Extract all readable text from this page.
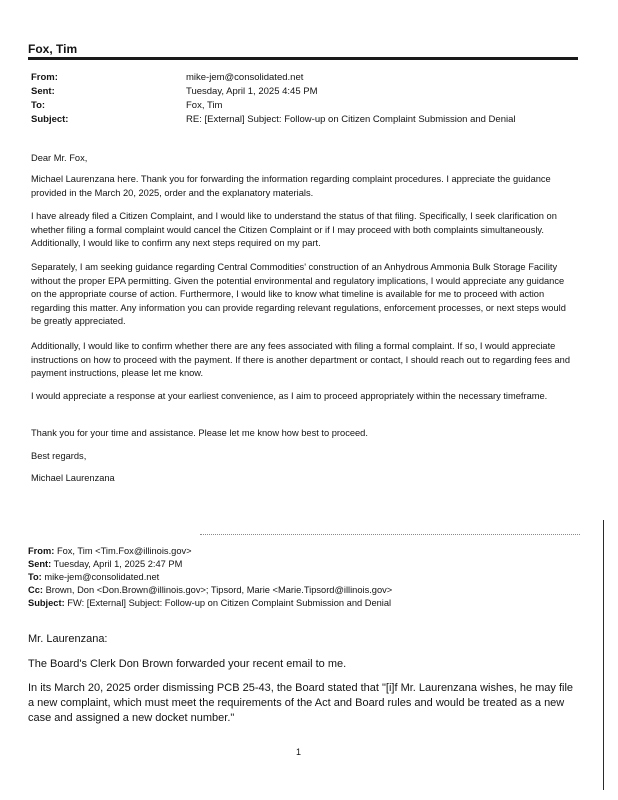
Fox, Tim
From:	mike-jem@consolidated.net
Sent:	Tuesday, April 1, 2025 4:45 PM
To:	Fox, Tim
Subject:	RE: [External] Subject: Follow-up on Citizen Complaint Submission and Denial
Dear Mr. Fox,
Michael Laurenzana here. Thank you for forwarding the information regarding complaint procedures. I appreciate the guidance provided in the March 20, 2025, order and the explanatory materials.
I have already filed a Citizen Complaint, and I would like to understand the status of that filing. Specifically, I seek clarification on whether filing a formal complaint would cancel the Citizen Complaint or if I may proceed with both complaints simultaneously. Additionally, I would like to confirm any next steps required on my part.
Separately, I am seeking guidance regarding Central Commodities' construction of an Anhydrous Ammonia Bulk Storage Facility without the proper EPA permitting. Given the potential environmental and regulatory implications, I would appreciate any guidance on the appropriate course of action. Furthermore, I would like to know what timeline is available for me to proceed with action regarding this matter. Any information you can provide regarding relevant regulations, enforcement processes, or next steps would be greatly appreciated.
Additionally, I would like to confirm whether there are any fees associated with filing a formal complaint. If so, I would appreciate instructions on how to proceed with the payment. If there is another department or contact, I should reach out to regarding fees and payment instructions, please let me know.
I would appreciate a response at your earliest convenience, as I aim to proceed appropriately within the necessary timeframe.
Thank you for your time and assistance. Please let me know how best to proceed.
Best regards,
Michael Laurenzana
From: Fox, Tim <Tim.Fox@illinois.gov>
Sent: Tuesday, April 1, 2025 2:47 PM
To: mike-jem@consolidated.net
Cc: Brown, Don <Don.Brown@illinois.gov>; Tipsord, Marie <Marie.Tipsord@illinois.gov>
Subject: FW: [External] Subject: Follow-up on Citizen Complaint Submission and Denial
Mr. Laurenzana:
The Board's Clerk Don Brown forwarded your recent email to me.
In its March 20, 2025 order dismissing PCB 25-43, the Board stated that "[i]f Mr. Laurenzana wishes, he may file a new complaint, which must meet the requirements of the Act and Board rules and would be treated as a new case and assigned a new docket number."
1
